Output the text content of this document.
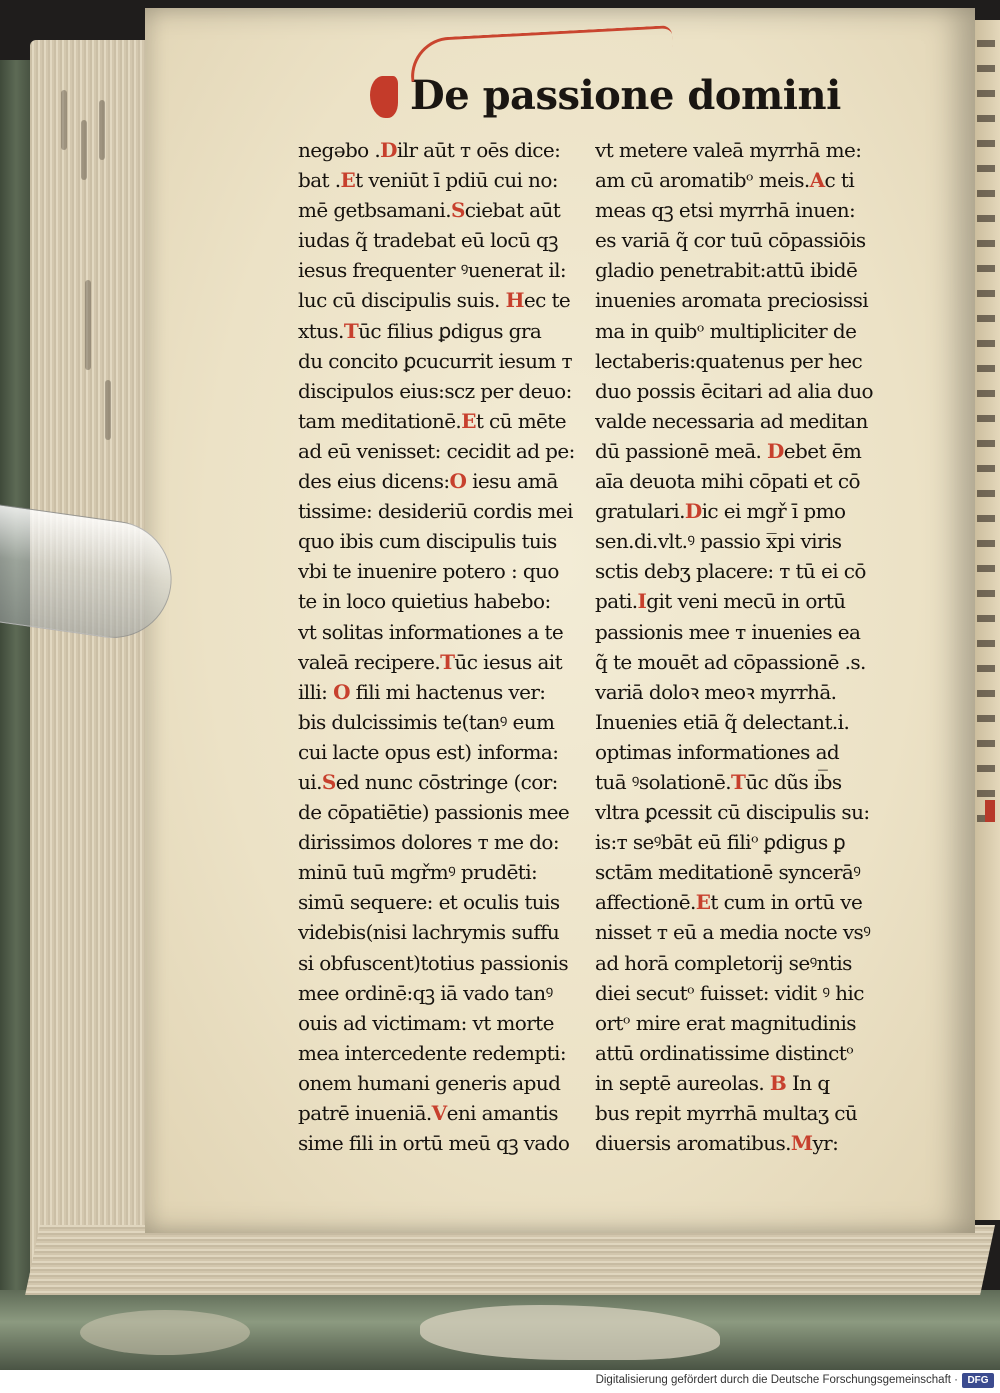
De passione domini
negəbo .Dilr aūt т oēs dice:
bat .Et veniūt ī pdiū cui no:
mē getbsamani.Sciebat aūt
iudas q̃ tradebat eū locū qꝫ
iesus frequenter ꝰuenerat il:
luc cū discipulis suis. Hec te
xtus.Tūc filius ꝑdigus gra
du concito ꝑcucurrit iesum т
discipulos eius:scz per deuo:
tam meditationē.Et cū mēte
ad eū venisset: cecidit ad pe:
des eius dicens:O iesu amā
tissime: desideriū cordis mei
quo ibis cum discipulis tuis
vbi te inuenire potero : quo
te in loco quietius habebo:
vt solitas informationes a te
valeā recipere.Tūc iesus ait
illi: O fili mi hactenus ver:
bis dulcissimis te(tanꝰ eum
cui lacte opus est) informa:
ui.Sed nunc cōstringe (cor:
de cōpatiētie) passionis mee
dirissimos dolores т me do:
minū tuū mgřmꝰ prudēti:
simū sequere: et oculis tuis
videbis(nisi lachrymis suffu
si obfuscent)totius passionis
mee ordinē:qꝫ iā vado tanꝰ
ouis ad victimam: vt morte
mea intercedente redempti:
onem humani generis apud
patrē inueniā.Veni amantis
sime fili in ortū meū qꝫ vado
vt metere valeā myrrhā me:
am cū aromatibᵒ meis.Ac ti
meas qꝫ etsi myrrhā inuen:
es variā q̃ cor tuū cōpassiōis
gladio penetrabit:attū ibidē
inuenies aromata preciosissi
ma in quibᵒ multipliciter de
lectaberis:quatenus per hec
duo possis ēcitari ad alia duo
valde necessaria ad meditan
dū passionē meā. Debet ēm
aīa deuota mihi cōpati et cō
gratulari.Dic ei mgř ī pmo
sen.di.vlt.ꝰ passio x̅pi viris
sctis debʒ placere: т tū ei cō
pati.Igit veni mecū in ortū
passionis mee т inuenies ea
q̃ te mouēt ad cōpassionē .s.
variā doloꝛ meoꝛ myrrhā.
Inuenies etiā q̃ delectant.i.
optimas informationes ad
tuā ꝰsolationē.Tūc dũs ib̅s
vltra ꝑcessit cū discipulis su:
is:т seꝰbāt eū filiᵒ ꝑdigus ꝑ
sctām meditationē syncerāꝰ
affectionē.Et cum in ortū ve
nisset т eū a media nocte vsꝰ
ad horā completorij seꝰntis
diei secutᵒ fuisset: vidit ꝰ hic
ortᵒ mire erat magnitudinis
attū ordinatissime distinctᵒ
in septē aureolas. B In q̧
bus repit myrrhā multaʒ cū
diuersis aromatibus.Myr:
Digitalisierung gefördert durch die Deutsche Forschungsgemeinschaft · DFG
